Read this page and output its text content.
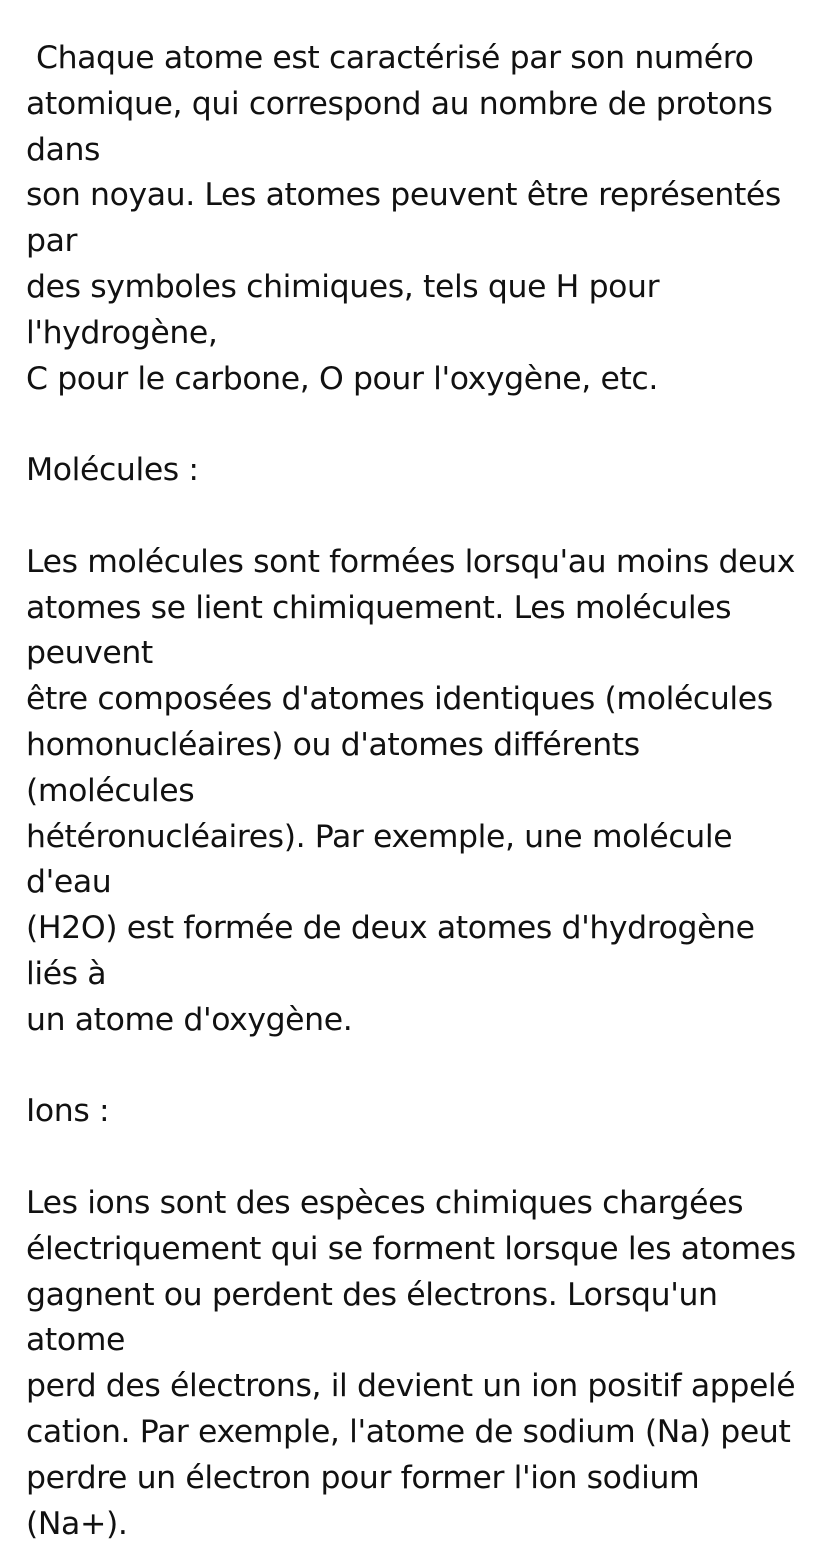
Chaque atome est caractérisé par son numéro
atomique, qui correspond au nombre de protons dans
son noyau. Les atomes peuvent être représentés par
des symboles chimiques, tels que H pour l'hydrogène,
C pour le carbone, O pour l'oxygène, etc.

Molécules :

Les molécules sont formées lorsqu'au moins deux
atomes se lient chimiquement. Les molécules peuvent
être composées d'atomes identiques (molécules
homonucléaires) ou d'atomes différents (molécules
hétéronucléaires). Par exemple, une molécule d'eau
(H2O) est formée de deux atomes d'hydrogène liés à
un atome d'oxygène.

Ions :

Les ions sont des espèces chimiques chargées
électriquement qui se forment lorsque les atomes
gagnent ou perdent des électrons. Lorsqu'un atome
perd des électrons, il devient un ion positif appelé
cation. Par exemple, l'atome de sodium (Na) peut
perdre un électron pour former l'ion sodium (Na+).
